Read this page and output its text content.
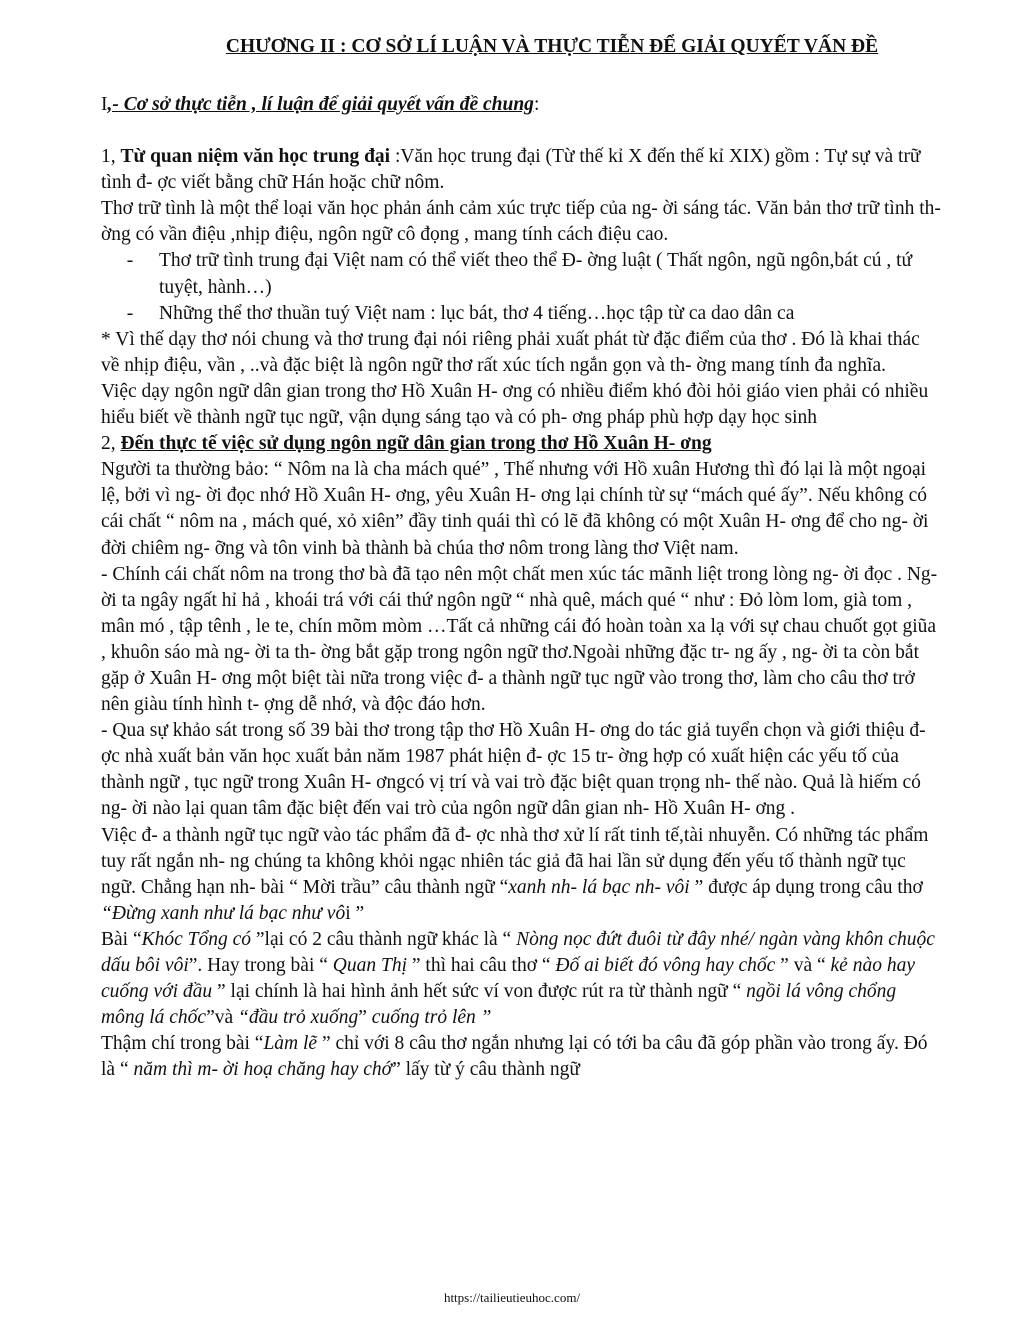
CHƯƠNG II : CƠ SỞ LÍ LUẬN VÀ THỰC TIỄN ĐỂ GIẢI QUYẾT VẤN ĐỀ

I,- Cơ sở thực tiễn , lí luận để giải quyết vấn đề chung:

1, Từ quan niệm văn học trung đại :Văn học trung đại (Từ thế kỉ X đến thế kỉ XIX) gồm : Tự sự và trữ tình đ- ợc viết bằng chữ Hán hoặc chữ nôm.

Thơ trữ tình là một thể loại văn học phản ánh cảm xúc trực tiếp của ng- ời sáng tác. Văn bản thơ trữ tình th- ờng có vần điệu ,nhịp điệu, ngôn ngữ cô đọng , mang tính cách điệu cao.

-	Thơ trữ tình trung đại Việt nam có thể viết theo thể Đ- ờng luật ( Thất ngôn, ngũ ngôn,bát cú , tứ tuyệt, hành…)
-	Những thể thơ thuần tuý Việt nam : lục bát, thơ 4 tiếng…học tập từ ca dao dân ca

* Vì thế dạy thơ nói chung và thơ trung đại nói riêng phải xuất phát từ đặc điểm của thơ . Đó là khai thác về nhịp điệu, vần , ..và đặc biệt là ngôn ngữ thơ rất xúc tích ngắn gọn và th- ờng mang tính đa nghĩa.

Việc dạy ngôn ngữ dân gian trong thơ Hồ Xuân H- ơng có nhiều điểm khó đòi hỏi giáo vien phải có nhiều hiểu biết về thành ngữ tục ngữ, vận dụng sáng tạo và có ph- ơng pháp phù hợp dạy học sinh

2, Đến thực tế việc sử dụng ngôn ngữ dân gian trong thơ Hồ Xuân H- ơng

Người ta thường bảo: “ Nôm na là cha mách qué” , Thế nhưng với Hồ xuân Hương thì đó lại là một ngoại lệ, bởi vì ng- ời đọc nhớ Hồ Xuân H- ơng, yêu Xuân H- ơng lại chính từ sự “mách qué ấy”. Nếu không có cái chất “ nôm na , mách qué, xỏ xiên” đầy tinh quái thì có lẽ đã không có một Xuân H- ơng để cho ng- ời đời chiêm ng- ỡng và tôn vinh bà thành bà chúa thơ nôm trong làng thơ Việt nam.

- Chính cái chất nôm na trong thơ bà đã tạo nên một chất men xúc tác mãnh liệt trong lòng ng- ời đọc . Ng- ời ta ngây ngất hỉ hả , khoái trá với cái thứ ngôn ngữ “ nhà quê, mách qué “ như : Đỏ lòm lom, già tom , mân mó , tập tênh , le te, chín mõm mòm …Tất cả những cái đó hoàn toàn xa lạ với sự chau chuốt gọt giũa , khuôn sáo mà ng- ời ta th- ờng bắt gặp trong ngôn ngữ thơ.Ngoài những đặc tr- ng ấy , ng- ời ta còn bắt gặp ở Xuân H- ơng một biệt tài nữa trong việc đ- a thành ngữ tục ngữ vào trong thơ, làm cho câu thơ trở nên giàu tính hình t- ợng dễ nhớ, và độc đáo hơn.

- Qua sự khảo sát trong số 39 bài thơ trong tập thơ Hồ Xuân H- ơng do tác giả tuyển chọn và giới thiệu đ- ợc nhà xuất bản văn học xuất bản năm 1987 phát hiện đ- ợc 15 tr- ờng hợp có xuất hiện các yếu tố của thành ngữ , tục ngữ trong Xuân H- ơngcó vị trí và vai trò đặc biệt quan trọng nh- thế nào. Quả là hiếm có ng- ời nào lại quan tâm đặc biệt đến vai trò của ngôn ngữ dân gian nh- Hồ Xuân H- ơng .

Việc đ- a thành ngữ tục ngữ vào tác phẩm đã đ- ợc nhà thơ xử lí rất tinh tế,tài nhuyễn. Có những tác phẩm tuy rất ngắn nh- ng chúng ta không khỏi ngạc nhiên tác giả đã hai lần sử dụng đến yếu tố thành ngữ tục ngữ. Chẳng hạn nh- bài “ Mời trầu” câu thành ngữ “xanh nh- lá bạc nh- vôi ” được áp dụng trong câu thơ “Đừng xanh như lá bạc như vôi ”

Bài “Khóc Tổng có ”lại có 2 câu thành ngữ khác là “ Nòng nọc đứt đuôi từ đây nhé/ ngàn vàng khôn chuộc dấu bôi vôi”. Hay trong bài “ Quan Thị ” thì hai câu thơ “ Đố ai biết đó vông hay chốc ” và “ kẻ nào hay cuống với đầu ” lại chính là hai hình ảnh hết sức ví von được rút ra từ thành ngữ “ ngồi lá vông chổng mông lá chốc”và “đầu trỏ xuống” cuống trỏ lên ”

Thậm chí trong bài “Làm lẽ ” chỉ với 8 câu thơ ngắn nhưng lại có tới ba câu đã góp phần vào trong ấy. Đó là “ năm thì m- ời hoạ chăng hay chớ” lấy từ ý câu thành ngữ

https://tailieutieuhoc.com/
